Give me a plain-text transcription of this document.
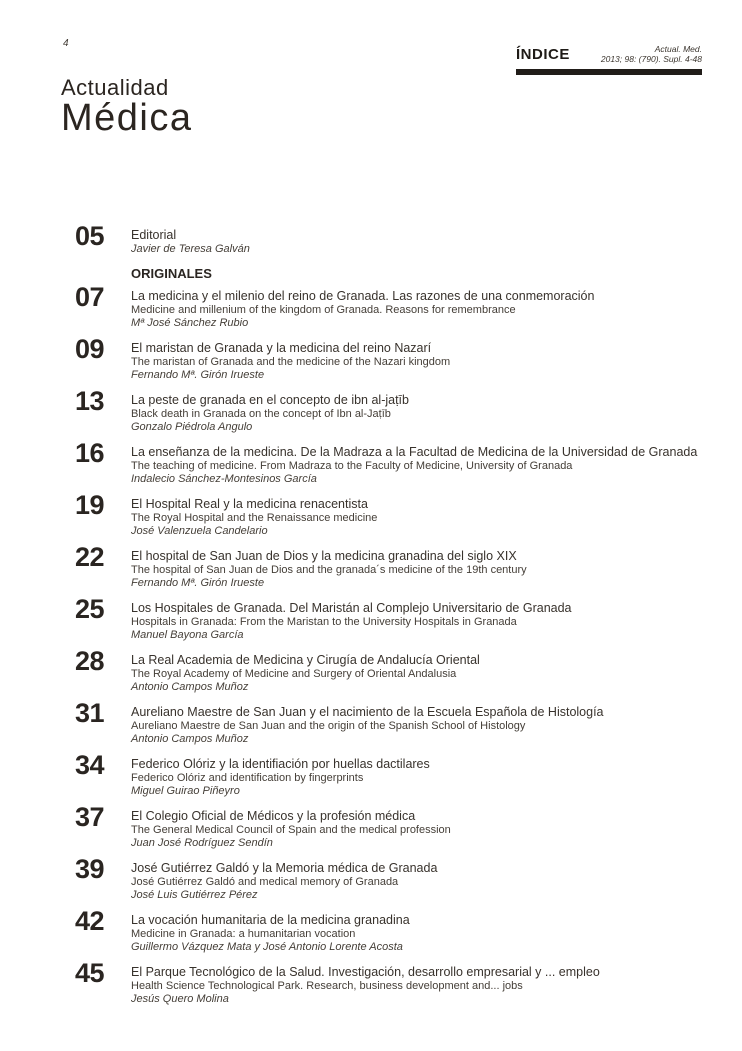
4
ÍNDICE	Actual. Med.
2013; 98: (790). Supl. 4-48
Actualidad
Médica
05	Editorial
Javier de Teresa Galván
ORIGINALES
07	La medicina y el milenio del reino de Granada. Las razones de una conmemoración
Medicine and millenium of the kingdom of Granada. Reasons for remembrance
Mª José Sánchez Rubio
09	El maristan de Granada y la medicina del reino Nazarí
The maristan of Granada and the medicine of the Nazari kingdom
Fernando Mª. Girón Irueste
13	La peste de granada en el concepto de ibn al-jaṭīb
Black death in Granada on the concept of Ibn al-Jaṭīb
Gonzalo Piédrola Angulo
16	La enseñanza de la medicina. De la Madraza a la Facultad de Medicina de la Universidad de Granada
The teaching of medicine. From Madraza to the Faculty of Medicine, University of Granada
Indalecio Sánchez-Montesinos García
19	El Hospital Real y la medicina renacentista
The Royal Hospital and the Renaissance medicine
José Valenzuela Candelario
22	El hospital de San Juan de Dios y la medicina granadina del siglo XIX
The hospital of San Juan de Dios and the granada´s medicine of the 19th century
Fernando Mª. Girón Irueste
25	Los Hospitales de Granada. Del Maristán al Complejo Universitario de Granada
Hospitals in Granada: From the Maristan to the University Hospitals in Granada
Manuel Bayona García
28	La Real Academia de Medicina y Cirugía de Andalucía Oriental
The Royal Academy of Medicine and Surgery of Oriental Andalusia
Antonio Campos Muñoz
31	Aureliano Maestre de San Juan y el nacimiento de la Escuela Española de Histología
Aureliano Maestre de San Juan and the origin of the Spanish School of Histology
Antonio Campos Muñoz
34	Federico Olóriz y la identifiación por huellas dactilares
Federico Olóriz and identification by fingerprints
Miguel Guirao Piñeyro
37	El Colegio Oficial de Médicos y la profesión médica
The General Medical Council of Spain and the medical profession
Juan José Rodríguez Sendín
39	José Gutiérrez Galdó y la Memoria médica de Granada
José Gutiérrez Galdó and medical memory of Granada
José Luis Gutiérrez Pérez
42	La vocación humanitaria de la medicina granadina
Medicine in Granada: a humanitarian vocation
Guillermo Vázquez Mata y José Antonio Lorente Acosta
45	El Parque Tecnológico de la Salud. Investigación, desarrollo empresarial y ... empleo
Health Science Technological Park. Research, business development and... jobs
Jesús Quero Molina
